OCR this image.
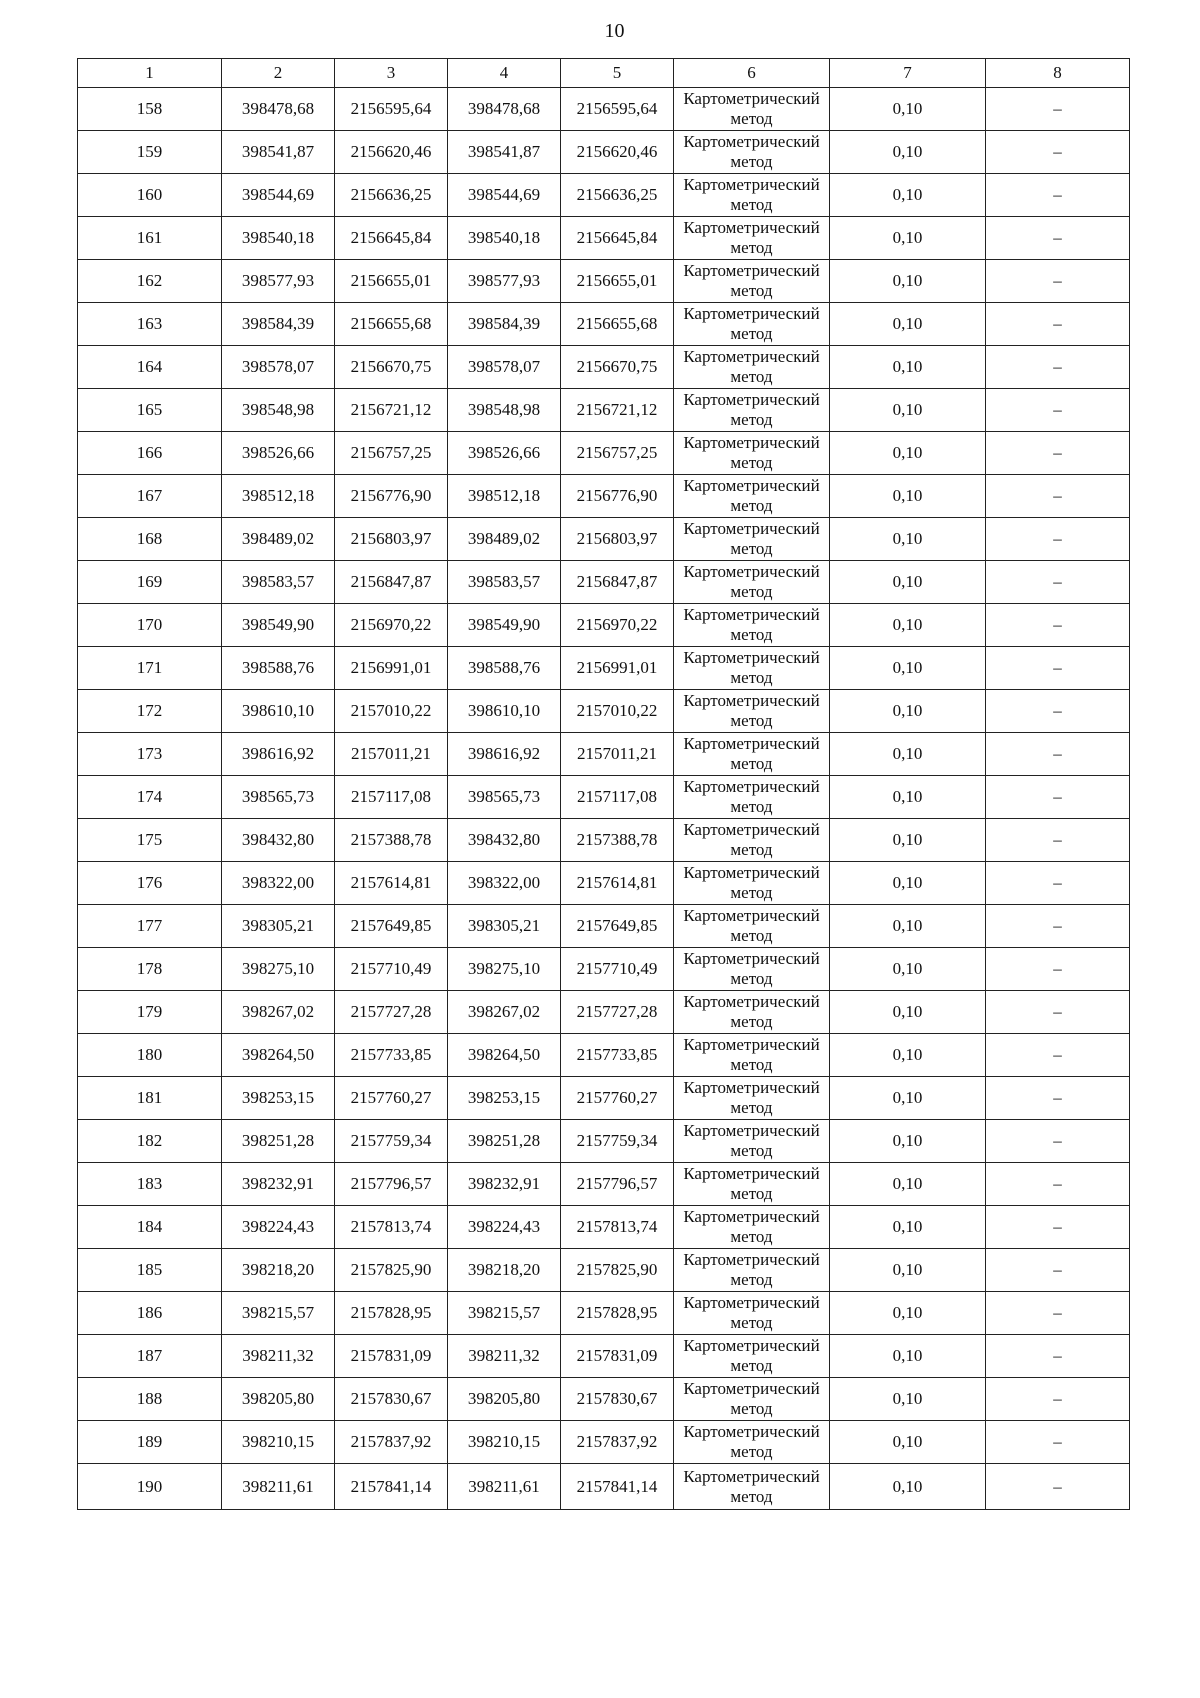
10
1	2	3	4	5	6	7	8
158	398478,68	2156595,64	398478,68	2156595,64	Картометрический
метод	0,10	–
159	398541,87	2156620,46	398541,87	2156620,46	Картометрический
метод	0,10	–
160	398544,69	2156636,25	398544,69	2156636,25	Картометрический
метод	0,10	–
161	398540,18	2156645,84	398540,18	2156645,84	Картометрический
метод	0,10	–
162	398577,93	2156655,01	398577,93	2156655,01	Картометрический
метод	0,10	–
163	398584,39	2156655,68	398584,39	2156655,68	Картометрический
метод	0,10	–
164	398578,07	2156670,75	398578,07	2156670,75	Картометрический
метод	0,10	–
165	398548,98	2156721,12	398548,98	2156721,12	Картометрический
метод	0,10	–
166	398526,66	2156757,25	398526,66	2156757,25	Картометрический
метод	0,10	–
167	398512,18	2156776,90	398512,18	2156776,90	Картометрический
метод	0,10	–
168	398489,02	2156803,97	398489,02	2156803,97	Картометрический
метод	0,10	–
169	398583,57	2156847,87	398583,57	2156847,87	Картометрический
метод	0,10	–
170	398549,90	2156970,22	398549,90	2156970,22	Картометрический
метод	0,10	–
171	398588,76	2156991,01	398588,76	2156991,01	Картометрический
метод	0,10	–
172	398610,10	2157010,22	398610,10	2157010,22	Картометрический
метод	0,10	–
173	398616,92	2157011,21	398616,92	2157011,21	Картометрический
метод	0,10	–
174	398565,73	2157117,08	398565,73	2157117,08	Картометрический
метод	0,10	–
175	398432,80	2157388,78	398432,80	2157388,78	Картометрический
метод	0,10	–
176	398322,00	2157614,81	398322,00	2157614,81	Картометрический
метод	0,10	–
177	398305,21	2157649,85	398305,21	2157649,85	Картометрический
метод	0,10	–
178	398275,10	2157710,49	398275,10	2157710,49	Картометрический
метод	0,10	–
179	398267,02	2157727,28	398267,02	2157727,28	Картометрический
метод	0,10	–
180	398264,50	2157733,85	398264,50	2157733,85	Картометрический
метод	0,10	–
181	398253,15	2157760,27	398253,15	2157760,27	Картометрический
метод	0,10	–
182	398251,28	2157759,34	398251,28	2157759,34	Картометрический
метод	0,10	–
183	398232,91	2157796,57	398232,91	2157796,57	Картометрический
метод	0,10	–
184	398224,43	2157813,74	398224,43	2157813,74	Картометрический
метод	0,10	–
185	398218,20	2157825,90	398218,20	2157825,90	Картометрический
метод	0,10	–
186	398215,57	2157828,95	398215,57	2157828,95	Картометрический
метод	0,10	–
187	398211,32	2157831,09	398211,32	2157831,09	Картометрический
метод	0,10	–
188	398205,80	2157830,67	398205,80	2157830,67	Картометрический
метод	0,10	–
189	398210,15	2157837,92	398210,15	2157837,92	Картометрический
метод	0,10	–
190	398211,61	2157841,14	398211,61	2157841,14	Картометрический
метод	0,10	–
